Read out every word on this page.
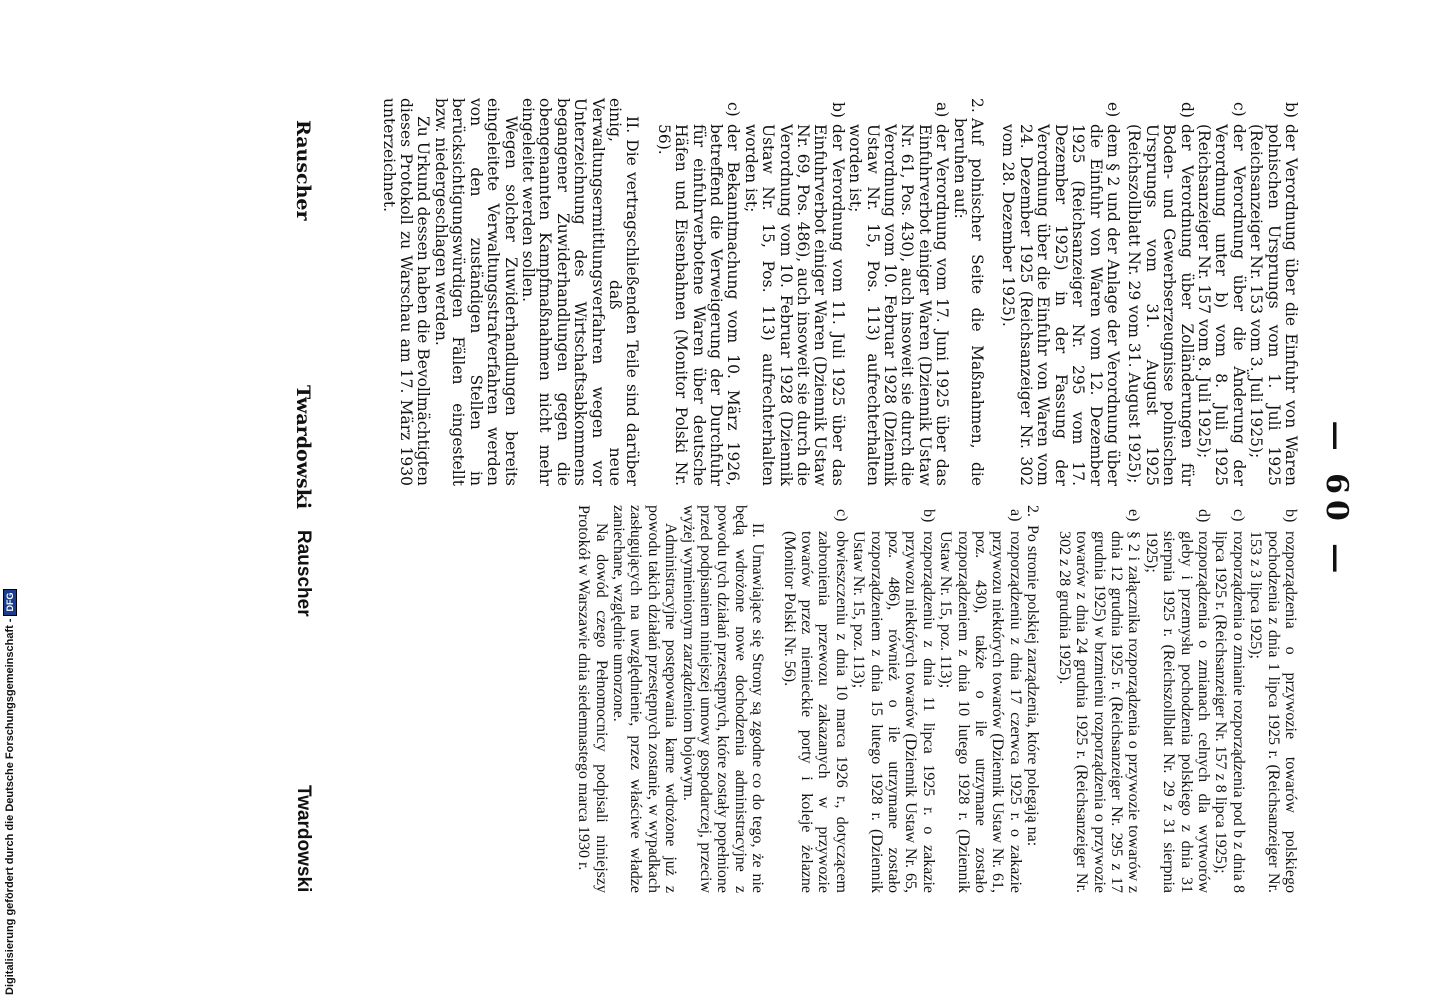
— 60 —
b)
der Verordnung über die Einfuhr von Waren polnischen Ursprungs vom 1. Juli 1925 (Reichsanzeiger Nr. 153 vom 3. Juli 1925);
c)
der Verordnung über die Änderung der Verordnung unter b) vom 8. Juli 1925 (Reichsanzeiger Nr. 157 vom 8. Juli 1925);
d)
der Verordnung über Zolländerungen für Boden- und Gewerbserzeugnisse polnischen Ursprungs vom 31. August 1925 (Reichszollblatt Nr. 29 vom 31. August 1925);
e)
dem § 2 und der Anlage der Verordnung über die Einfuhr von Waren vom 12. Dezember 1925 (Reichsanzeiger Nr. 295 vom 17. Dezember 1925) in der Fassung der Verordnung über die Einfuhr von Waren vom 24. Dezember 1925 (Reichsanzeiger Nr. 302 vom 28. Dezember 1925).
2.
Auf polnischer Seite die Maßnahmen, die beruhen auf:
a)
der Verordnung vom 17. Juni 1925 über das Einfuhrverbot einiger Waren (Dziennik Ustaw Nr. 61, Pos. 430), auch insoweit sie durch die Verordnung vom 10. Februar 1928 (Dziennik Ustaw Nr. 15, Pos. 113) aufrechterhalten worden ist;
b)
der Verordnung vom 11. Juli 1925 über das Einfuhrverbot einiger Waren (Dziennik Ustaw Nr. 69, Pos. 486), auch insoweit sie durch die Verordnung vom 10. Februar 1928 (Dziennik Ustaw Nr. 15, Pos. 113) aufrechterhalten worden ist;
c)
der Bekanntmachung vom 10. März 1926, betreffend die Verweigerung der Durchfuhr für einfuhrverbotene Waren über deutsche Häfen und Eisenbahnen (Monitor Polski Nr. 56).

II. Die vertragschließenden Teile sind darüber einig, daß neue Verwaltungsermittlungsverfahren wegen vor Unterzeichnung des Wirtschaftsabkommens begangener Zuwiderhandlungen gegen die obengenannten Kampfmaßnahmen nicht mehr eingeleitet werden sollen.

Wegen solcher Zuwiderhandlungen bereits eingeleitete Verwaltungsstrafverfahren werden von den zuständigen Stellen in berücksichtigungswürdigen Fällen eingestellt bzw. niedergeschlagen werden.

Zu Urkund dessen haben die Bevollmächtigten dieses Protokoll zu Warschau am 17. März 1930 unterzeichnet.

b)
rozporządzenia o przywozie towarów polskiego pochodzenia z dnia 1 lipca 1925 r. (Reichsanzeiger Nr. 153 z 3 lipca 1925);
c)
rozporządzenia o zmianie rozporządzenia pod b z dnia 8 lipca 1925 r. (Reichsanzeiger Nr. 157 z 8 lipca 1925);
d)
rozporządzenia o zmianach celnych dla wytworów gleby i przemysłu pochodzenia polskiego z dnia 31 sierpnia 1925 r. (Reichszollblatt Nr. 29 z 31 sierpnia 1925);
e)
§ 2 i załącznika rozporządzenia o przywozie towarów z dnia 12 grudnia 1925 r. (Reichsanzeiger Nr. 295 z 17 grudnia 1925) w brzmieniu rozporządzenia o przywozie towarów z dnia 24 grudnia 1925 r. (Reichsanzeiger Nr. 302 z 28 grudnia 1925).
2.
Po stronie polskiej zarządzenia, które polegają na:
a)
rozporządzeniu z dnia 17 czerwca 1925 r. o zakazie przywozu niektórych towarów (Dziennik Ustaw Nr. 61, poz. 430), także o ile utrzymane zostało rozporządzeniem z dnia 10 lutego 1928 r. (Dziennik Ustaw Nr. 15, poz. 113);
b)
rozporządzeniu z dnia 11 lipca 1925 r. o zakazie przywozu niektórych towarów (Dziennik Ustaw Nr. 65, poz. 486), również o ile utrzymane zostało rozporządzeniem z dnia 15 lutego 1928 r. (Dziennik Ustaw Nr. 15, poz. 113);
c)
obwieszczeniu z dnia 10 marca 1926 r., dotyczącem zabronienia przewozu zakazanych w przywozie towarów przez niemieckie porty i koleje żelazne (Monitor Polski Nr. 56).

II. Umawiające się Strony są zgodne co do tego, że nie będą wdrożone nowe dochodzenia administracyjne z powodu tych działań przestępnych, które zostały popełnione przed podpisaniem niniejszej umowy gospodarczej, przeciw wyżej wymienionym zarządzeniom bojowym.

Administracyjne postępowania karne wdrożone już z powodu takich działań przestępnych zostanie, w wypadkach zasługujących na uwzględnienie, przez właściwe władze zaniechane, względnie umorzone.

Na dowód czego Pełnomocnicy podpisali niniejszy Protokół w Warszawie dnia siedemnastego marca 1930 r.

Rauscher
Twardowski
Rauscher
Twardowski
Digitalisierung gefördert durch die Deutsche Forschungsgemeinschaft
-
DFG
